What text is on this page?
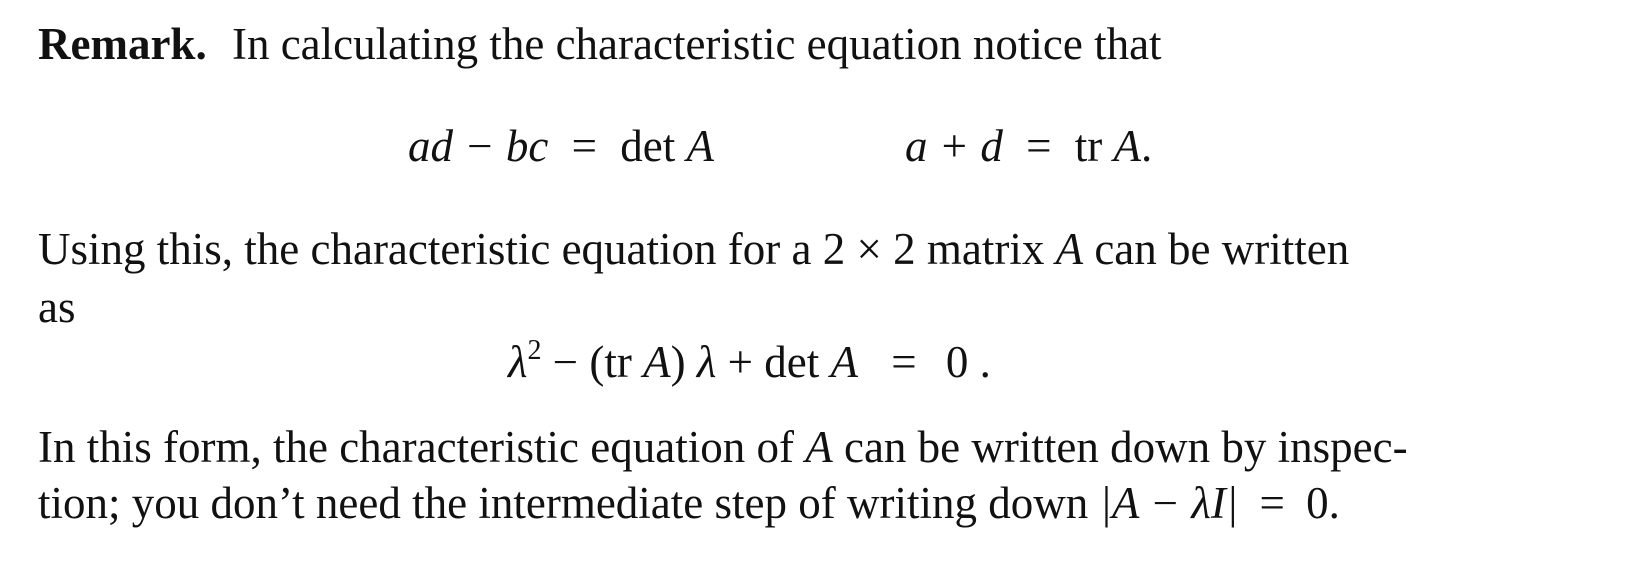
Remark. In calculating the characteristic equation notice that
ad − bc = det A	a + d = tr A.
Using this, the characteristic equation for a 2 × 2 matrix A can be written
as
$\lambda^2 - (tr$ A) λ + det A = 0 .
In this form, the characteristic equation of A can be written down by inspec-
tion; you don’t need the intermediate step of writing down |A − λI| = 0.
